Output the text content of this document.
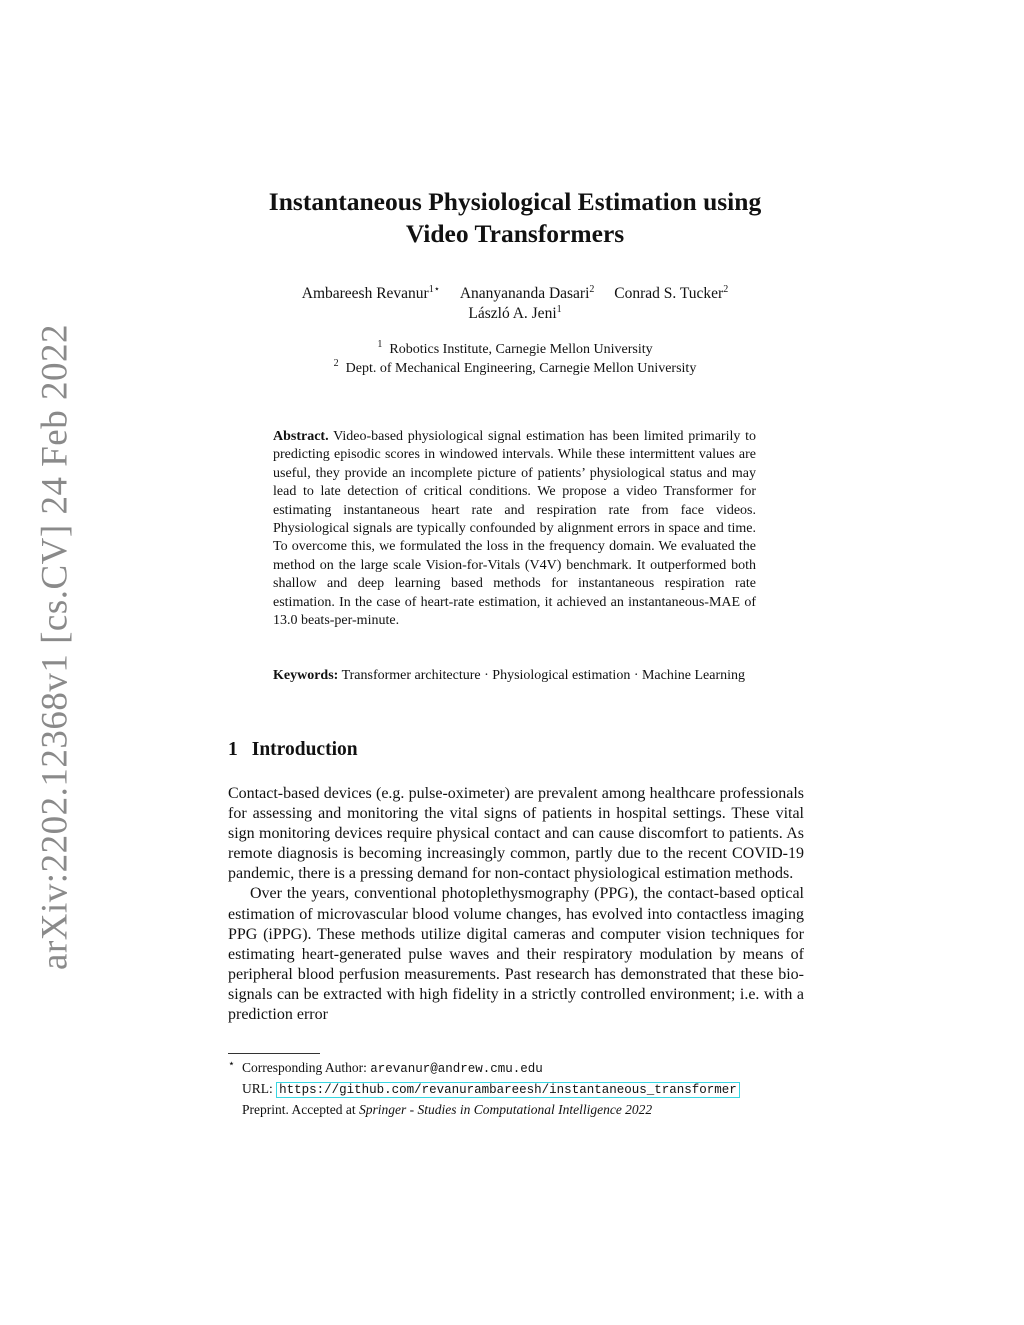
arXiv:2202.12368v1 [cs.CV] 24 Feb 2022
Instantaneous Physiological Estimation using
Video Transformers
Ambareesh Revanur$^{1⋆}$ Ananyananda Dasari$^2$ Conrad S. Tucker$^2$
László A. Jeni$^1$
$^1$ Robotics Institute, Carnegie Mellon University
$^2$ Dept. of Mechanical Engineering, Carnegie Mellon University
Abstract. Video-based physiological signal estimation has been limited primarily to predicting episodic scores in windowed intervals. While these intermittent values are useful, they provide an incomplete picture of patients’ physiological status and may lead to late detection of critical conditions. We propose a video Transformer for estimating instantaneous heart rate and respiration rate from face videos. Physiological signals are typically confounded by alignment errors in space and time. To overcome this, we formulated the loss in the frequency domain. We evaluated the method on the large scale Vision-for-Vitals (V4V) benchmark. It outperformed both shallow and deep learning based methods for instantaneous respiration rate estimation. In the case of heart-rate estimation, it achieved an instantaneous-MAE of 13.0 beats-per-minute.
Keywords: Transformer architecture · Physiological estimation · Machine Learning
1 Introduction

Contact-based devices (e.g. pulse-oximeter) are prevalent among healthcare professionals for assessing and monitoring the vital signs of patients in hospital settings. These vital sign monitoring devices require physical contact and can cause discomfort to patients. As remote diagnosis is becoming increasingly common, partly due to the recent COVID-19 pandemic, there is a pressing demand for non-contact physiological estimation methods.

Over the years, conventional photoplethysmography (PPG), the contact-based optical estimation of microvascular blood volume changes, has evolved into contactless imaging PPG (iPPG). These methods utilize digital cameras and computer vision techniques for estimating heart-generated pulse waves and their respiratory modulation by means of peripheral blood perfusion measurements. Past research has demonstrated that these bio-signals can be extracted with high fidelity in a strictly controlled environment; i.e. with a prediction error

⋆ Corresponding Author: arevanur@andrew.cmu.edu
URL: https://github.com/revanurambareesh/instantaneous_transformer
Preprint. Accepted at Springer - Studies in Computational Intelligence 2022
